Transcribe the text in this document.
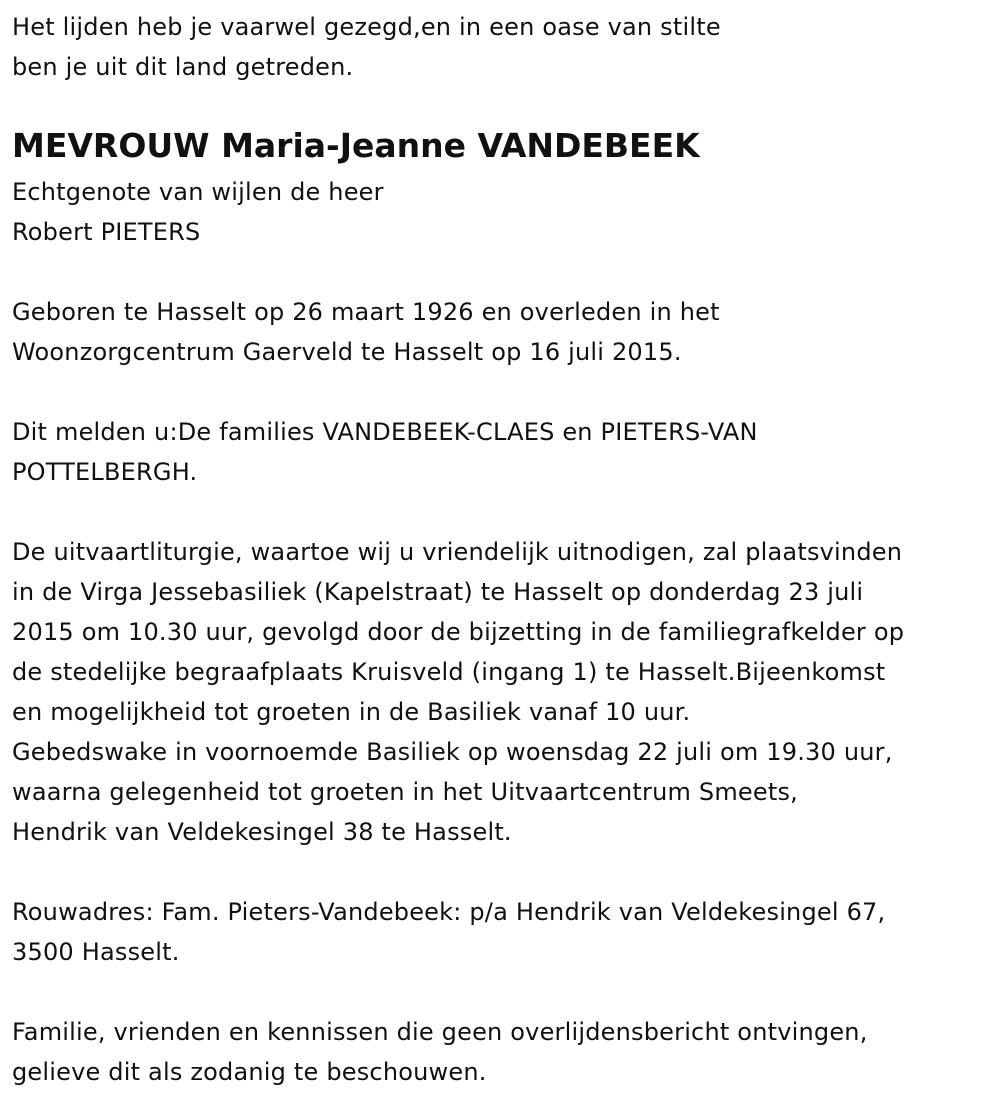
Het lijden heb je vaarwel gezegd,en in een oase van stilte
ben je uit dit land getreden.
MEVROUW Maria-Jeanne VANDEBEEK
Echtgenote van wijlen de heer
Robert PIETERS
Geboren te Hasselt op 26 maart 1926 en overleden in het
Woonzorgcentrum Gaerveld te Hasselt op 16 juli 2015.
Dit melden u:De families VANDEBEEK-CLAES en PIETERS-VAN
POTTELBERGH.
De uitvaartliturgie, waartoe wij u vriendelijk uitnodigen, zal plaatsvinden
in de Virga Jessebasiliek (Kapelstraat) te Hasselt op donderdag 23 juli
2015 om 10.30 uur, gevolgd door de bijzetting in de familiegrafkelder op
de stedelijke begraafplaats Kruisveld (ingang 1) te Hasselt.Bijeenkomst
en mogelijkheid tot groeten in de Basiliek vanaf 10 uur.
Gebedswake in voornoemde Basiliek op woensdag 22 juli om 19.30 uur,
waarna gelegenheid tot groeten in het Uitvaartcentrum Smeets,
Hendrik van Veldekesingel 38 te Hasselt.
Rouwadres: Fam. Pieters-Vandebeek: p/a Hendrik van Veldekesingel 67,
3500 Hasselt.
Familie, vrienden en kennissen die geen overlijdensbericht ontvingen,
gelieve dit als zodanig te beschouwen.
